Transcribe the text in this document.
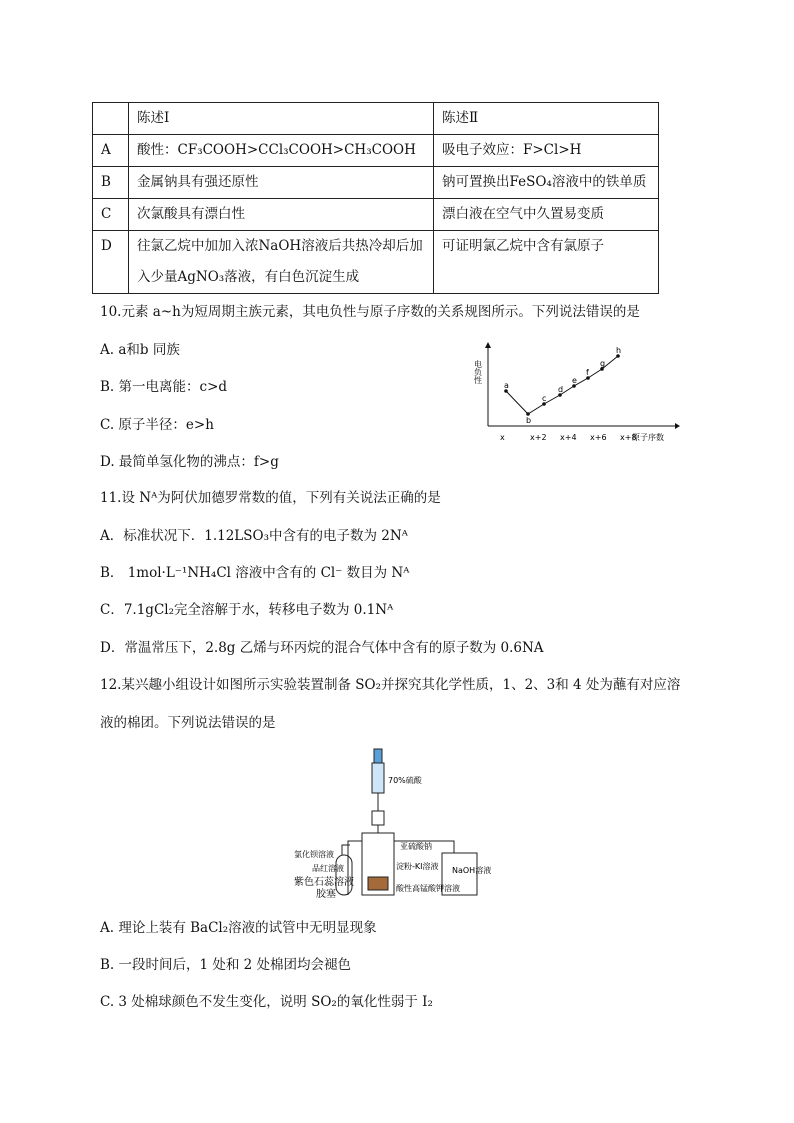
	陈述Ⅰ	陈述Ⅱ
A	酸性：CF₃COOH>CCl₃COOH>CH₃COOH	吸电子效应：F>Cl>H
B	金属钠具有强还原性	钠可置换出FeSO₄溶液中的铁单质
C	次氯酸具有漂白性	漂白液在空气中久置易变质
D	往氯乙烷中加加入浓NaOH溶液后共热冷却后加
入少量AgNO₃落液，有白色沉淀生成	可证明氯乙烷中含有氯原子
10.元素 a~h为短周期主族元素，其电负性与原子序数的关系规图所示。下列说法错误的是
A. a和b 同族
B. 第一电离能：c>d
C. 原子半径：e>h
D. 最简单氢化物的沸点：f>g
电负性
原子序数
x	x+2 x+4 x+6 x+8
a
b
c
d
e
f
g
h
11.设 Nᴬ为阿伏加德罗常数的值，下列有关说法正确的是
A．标准状况下．1.12LSO₃中含有的电子数为 2Nᴬ
B． 1mol·L⁻¹NH₄Cl 溶液中含有的 Cl⁻ 数目为 Nᴬ
C．7.1gCl₂完全溶解于水，转移电子数为 0.1Nᴬ
D．常温常压下，2.8g 乙烯与环丙烷的混合气体中含有的原子数为 0.6NA
12.某兴趣小组设计如图所示实验装置制备 SO₂并探究其化学性质，1、2、3和 4 处为蘸有对应溶
液的棉团。下列说法错误的是
70%硫酸
亚硫酸钠
氯化钡溶液
品红溶液
紫色石蕊溶液
胶塞
淀粉-KI溶液
酸性高锰酸钾溶液
NaOH溶液
A. 理论上装有 BaCl₂溶液的试管中无明显现象
B. 一段时间后，1 处和 2 处棉团均会褪色
C. 3 处棉球颜色不发生变化，说明 SO₂的氧化性弱于 I₂
